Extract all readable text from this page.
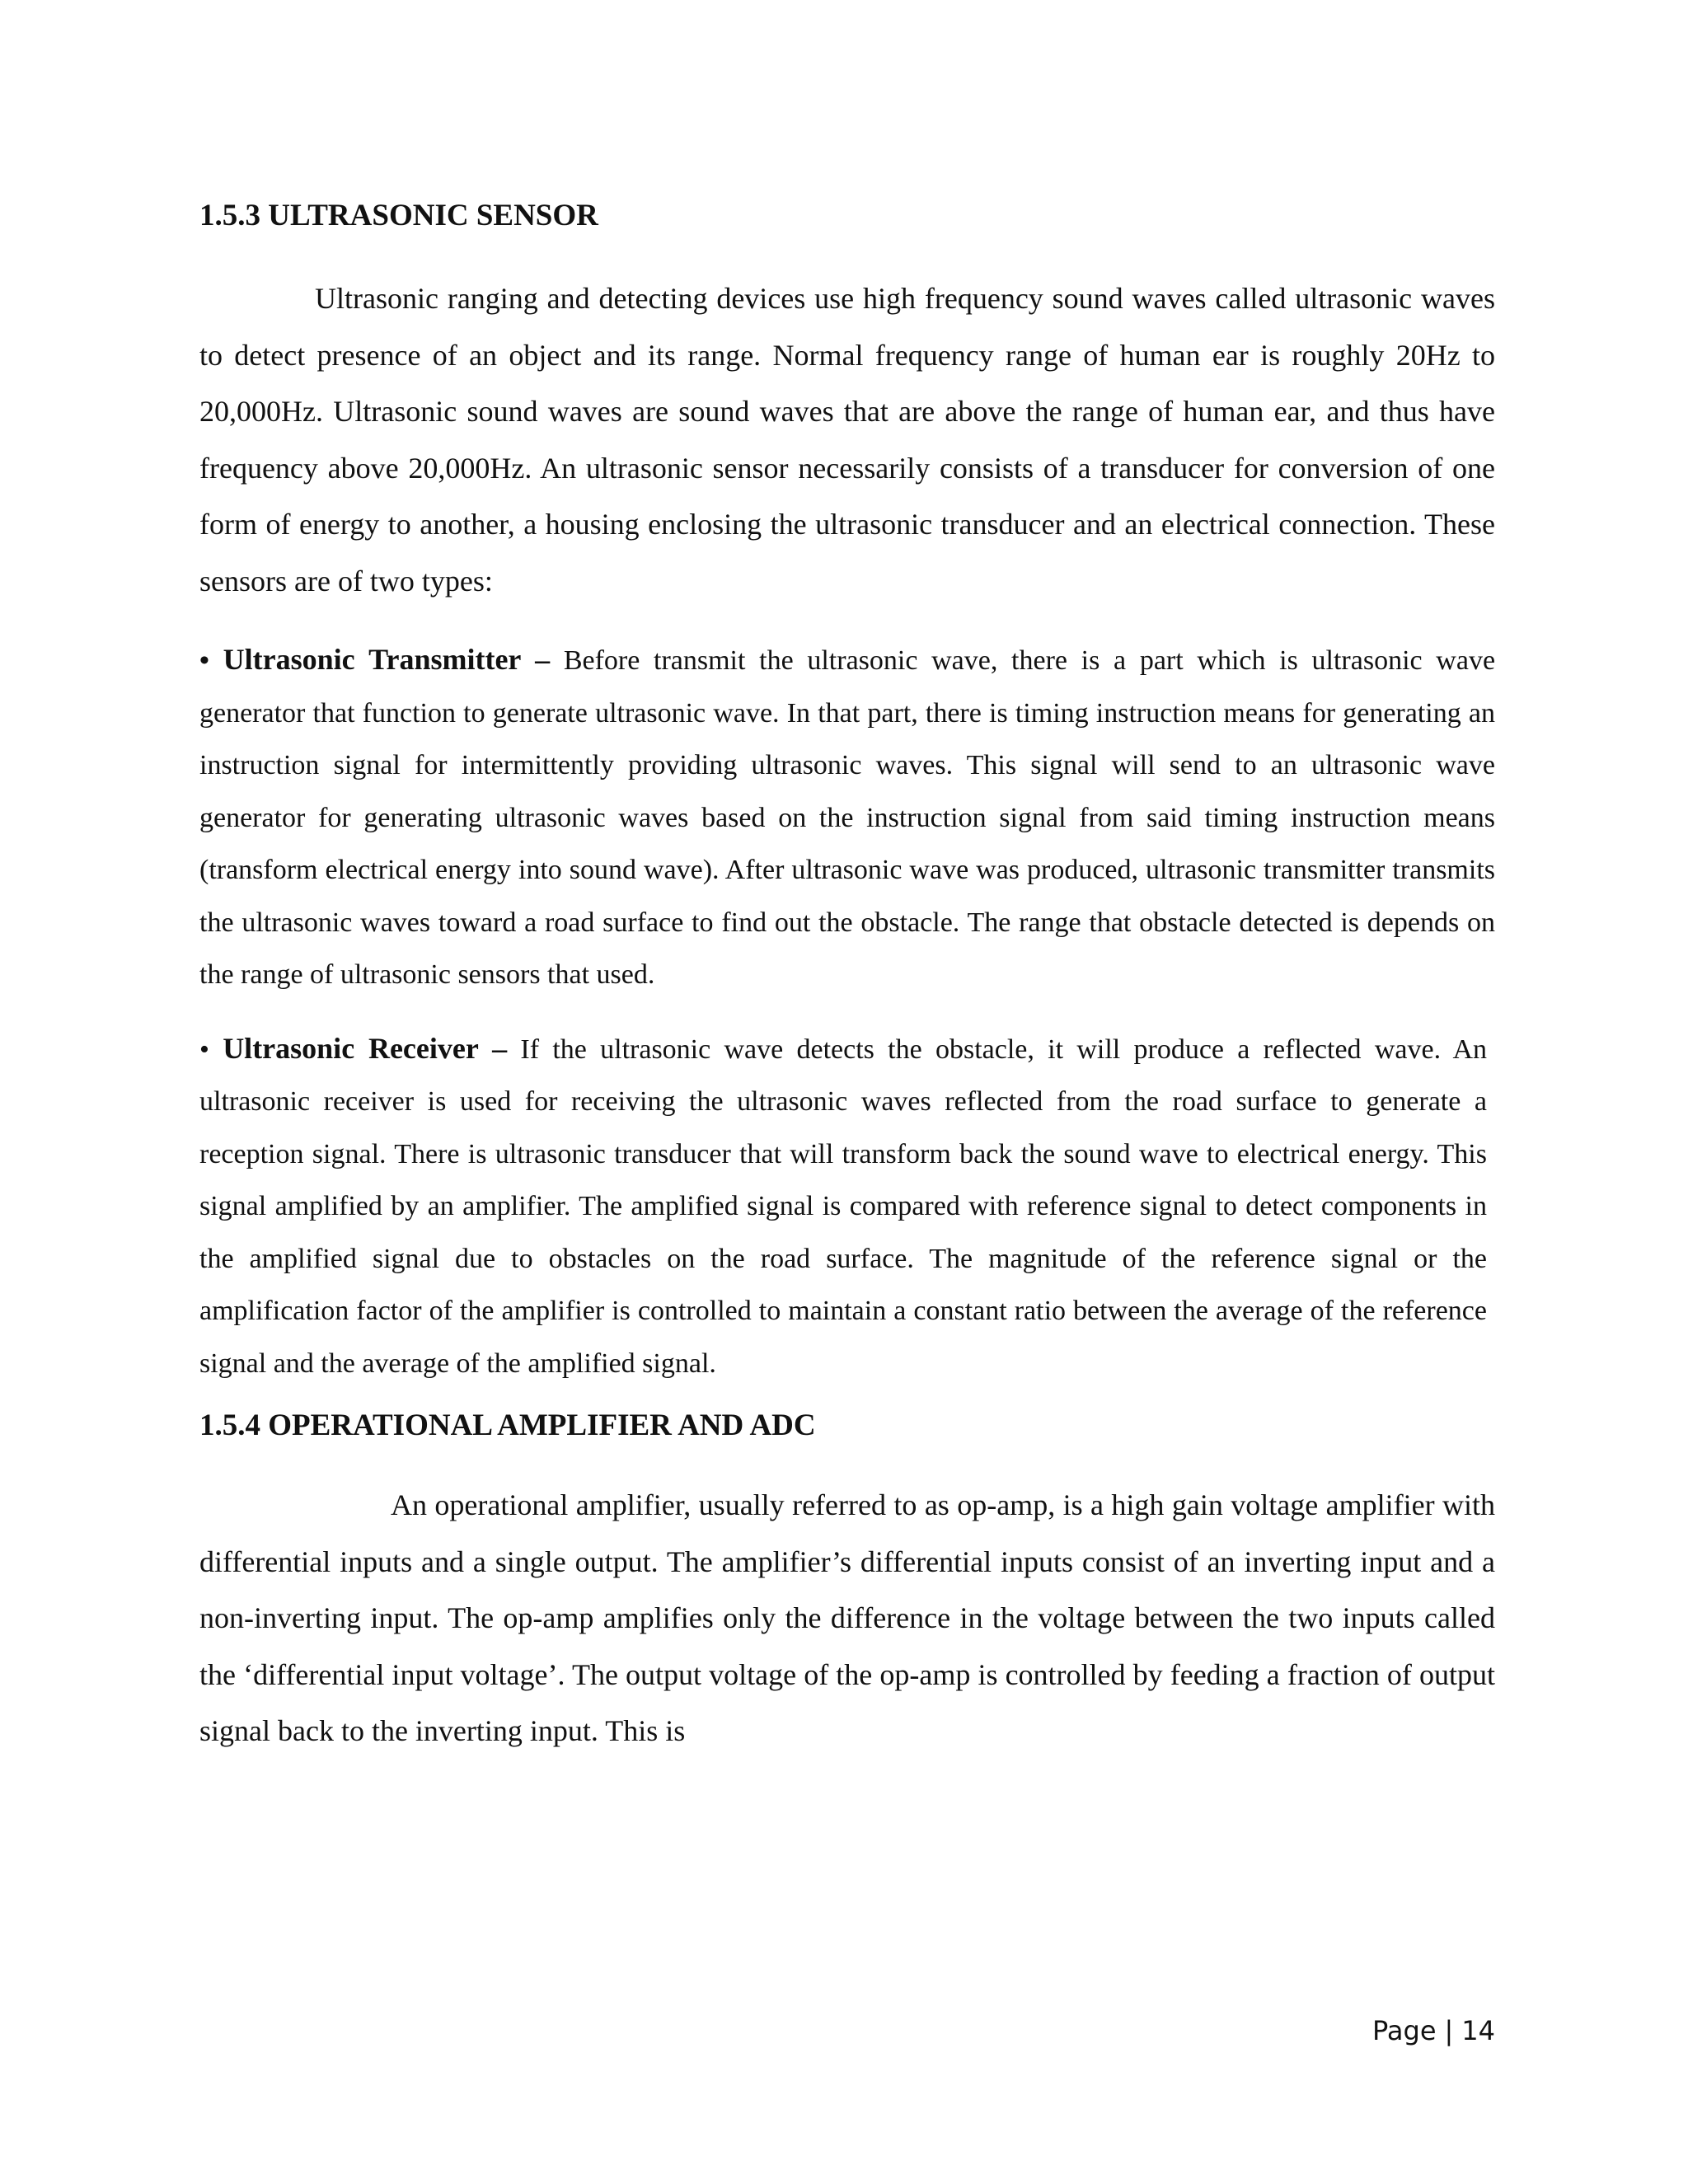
1.5.3 ULTRASONIC SENSOR

Ultrasonic ranging and detecting devices use high frequency sound waves called ultrasonic waves to detect presence of an object and its range. Normal frequency range of human ear is roughly 20Hz to 20,000Hz. Ultrasonic sound waves are sound waves that are above the range of human ear, and thus have frequency above 20,000Hz. An ultrasonic sensor necessarily consists of a transducer for conversion of one form of energy to another, a housing enclosing the ultrasonic transducer and an electrical connection. These sensors are of two types:

• Ultrasonic Transmitter – Before transmit the ultrasonic wave, there is a part which is ultrasonic wave generator that function to generate ultrasonic wave. In that part, there is timing instruction means for generating an instruction signal for intermittently providing ultrasonic waves. This signal will send to an ultrasonic wave generator for generating ultrasonic waves based on the instruction signal from said timing instruction means (transform electrical energy into sound wave). After ultrasonic wave was produced, ultrasonic transmitter transmits the ultrasonic waves toward a road surface to find out the obstacle. The range that obstacle detected is depends on the range of ultrasonic sensors that used.

• Ultrasonic Receiver – If the ultrasonic wave detects the obstacle, it will produce a reflected wave. An ultrasonic receiver is used for receiving the ultrasonic waves reflected from the road surface to generate a reception signal. There is ultrasonic transducer that will transform back the sound wave to electrical energy. This signal amplified by an amplifier. The amplified signal is compared with reference signal to detect components in the amplified signal due to obstacles on the road surface. The magnitude of the reference signal or the amplification factor of the amplifier is controlled to maintain a constant ratio between the average of the reference signal and the average of the amplified signal.

1.5.4 OPERATIONAL AMPLIFIER AND ADC

An operational amplifier, usually referred to as op-amp, is a high gain voltage amplifier with differential inputs and a single output. The amplifier’s differential inputs consist of an inverting input and a non-inverting input. The op-amp amplifies only the difference in the voltage between the two inputs called the ‘differential input voltage’. The output voltage of the op-amp is controlled by feeding a fraction of output signal back to the inverting input. This is

Page | 14
